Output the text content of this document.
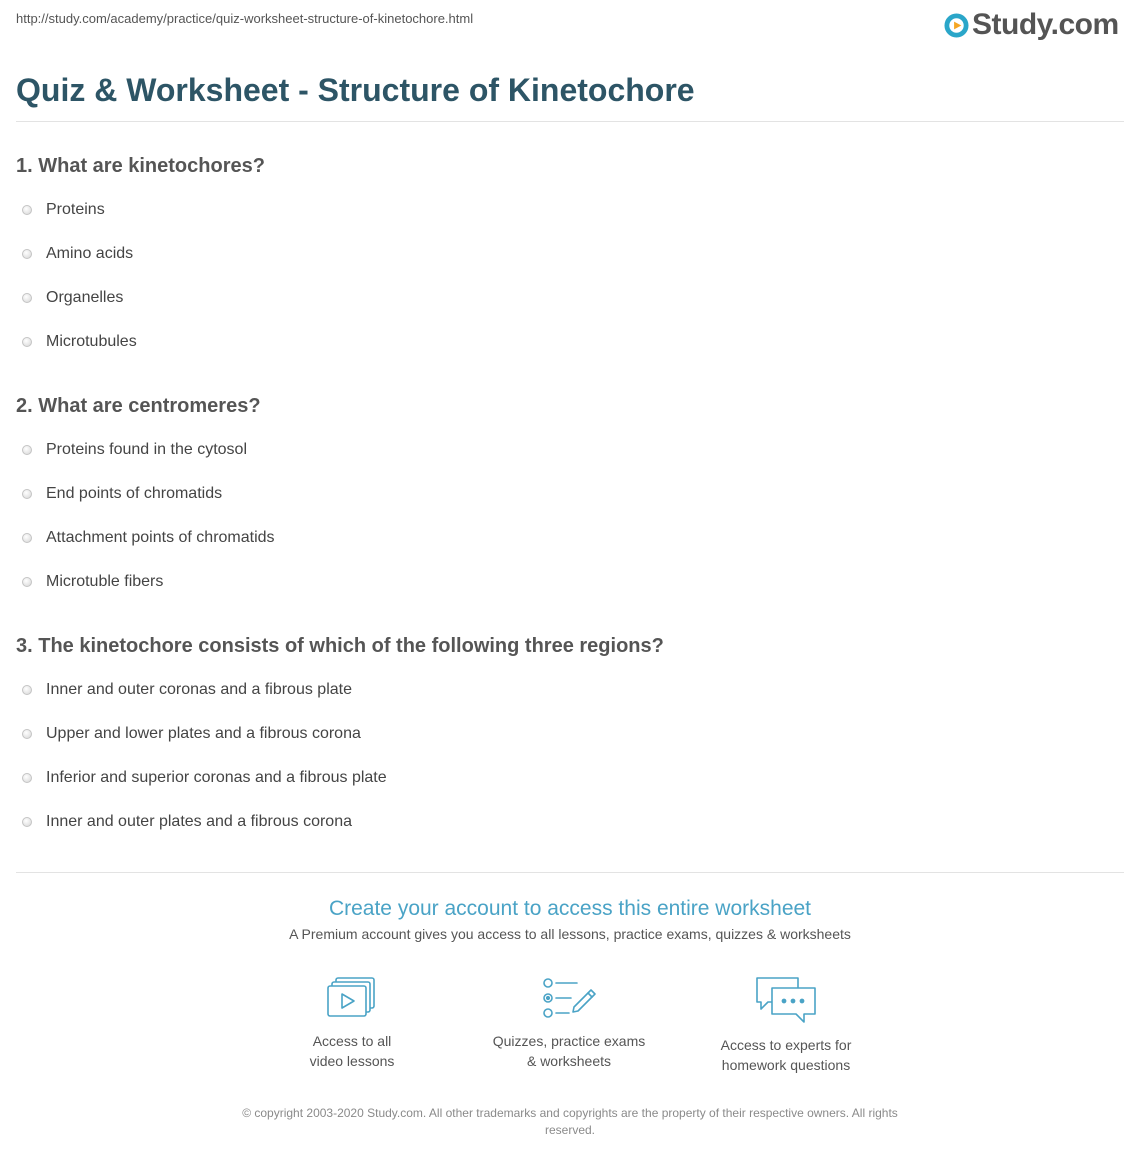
http://study.com/academy/practice/quiz-worksheet-structure-of-kinetochore.html	Study.com
Quiz & Worksheet - Structure of Kinetochore
1. What are kinetochores?
Proteins
Amino acids
Organelles
Microtubules
2. What are centromeres?
Proteins found in the cytosol
End points of chromatids
Attachment points of chromatids
Microtuble fibers
3. The kinetochore consists of which of the following three regions?
Inner and outer coronas and a fibrous plate
Upper and lower plates and a fibrous corona
Inferior and superior coronas and a fibrous plate
Inner and outer plates and a fibrous corona
Create your account to access this entire worksheet
A Premium account gives you access to all lessons, practice exams, quizzes & worksheets
Access to all
video lessons
Quizzes, practice exams
& worksheets
Access to experts for
homework questions
© copyright 2003-2020 Study.com. All other trademarks and copyrights are the property of their respective owners. All rights
reserved.
